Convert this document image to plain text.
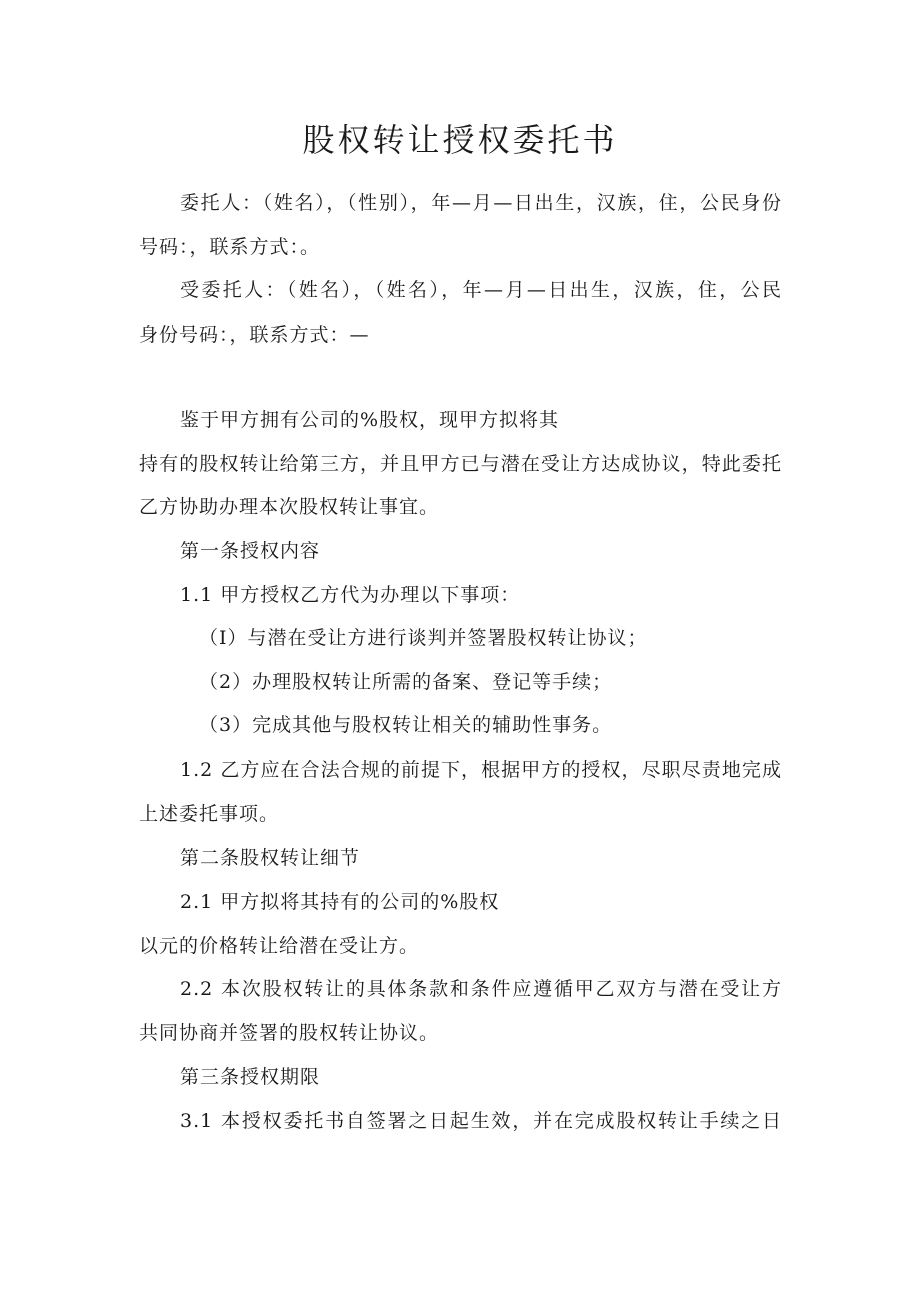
股权转让授权委托书
委托人：（姓名），（性别），年—月—日出生，汉族，住，公民身份
号码：，联系方式：。
受委托人：（姓名），（姓名），年—月—日出生，汉族，住，公民
身份号码：，联系方式：—
鉴于甲方拥有公司的%股权，现甲方拟将其
持有的股权转让给第三方，并且甲方已与潜在受让方达成协议，特此委托
乙方协助办理本次股权转让事宜。
第一条授权内容
1.1 甲方授权乙方代为办理以下事项：
（I）与潜在受让方进行谈判并签署股权转让协议；
（2）办理股权转让所需的备案、登记等手续；
（3）完成其他与股权转让相关的辅助性事务。
1.2 乙方应在合法合规的前提下，根据甲方的授权，尽职尽责地完成
上述委托事项。
第二条股权转让细节
2.1 甲方拟将其持有的公司的%股权
以元的价格转让给潜在受让方。
2.2 本次股权转让的具体条款和条件应遵循甲乙双方与潜在受让方
共同协商并签署的股权转让协议。
第三条授权期限
3.1 本授权委托书自签署之日起生效，并在完成股权转让手续之日
